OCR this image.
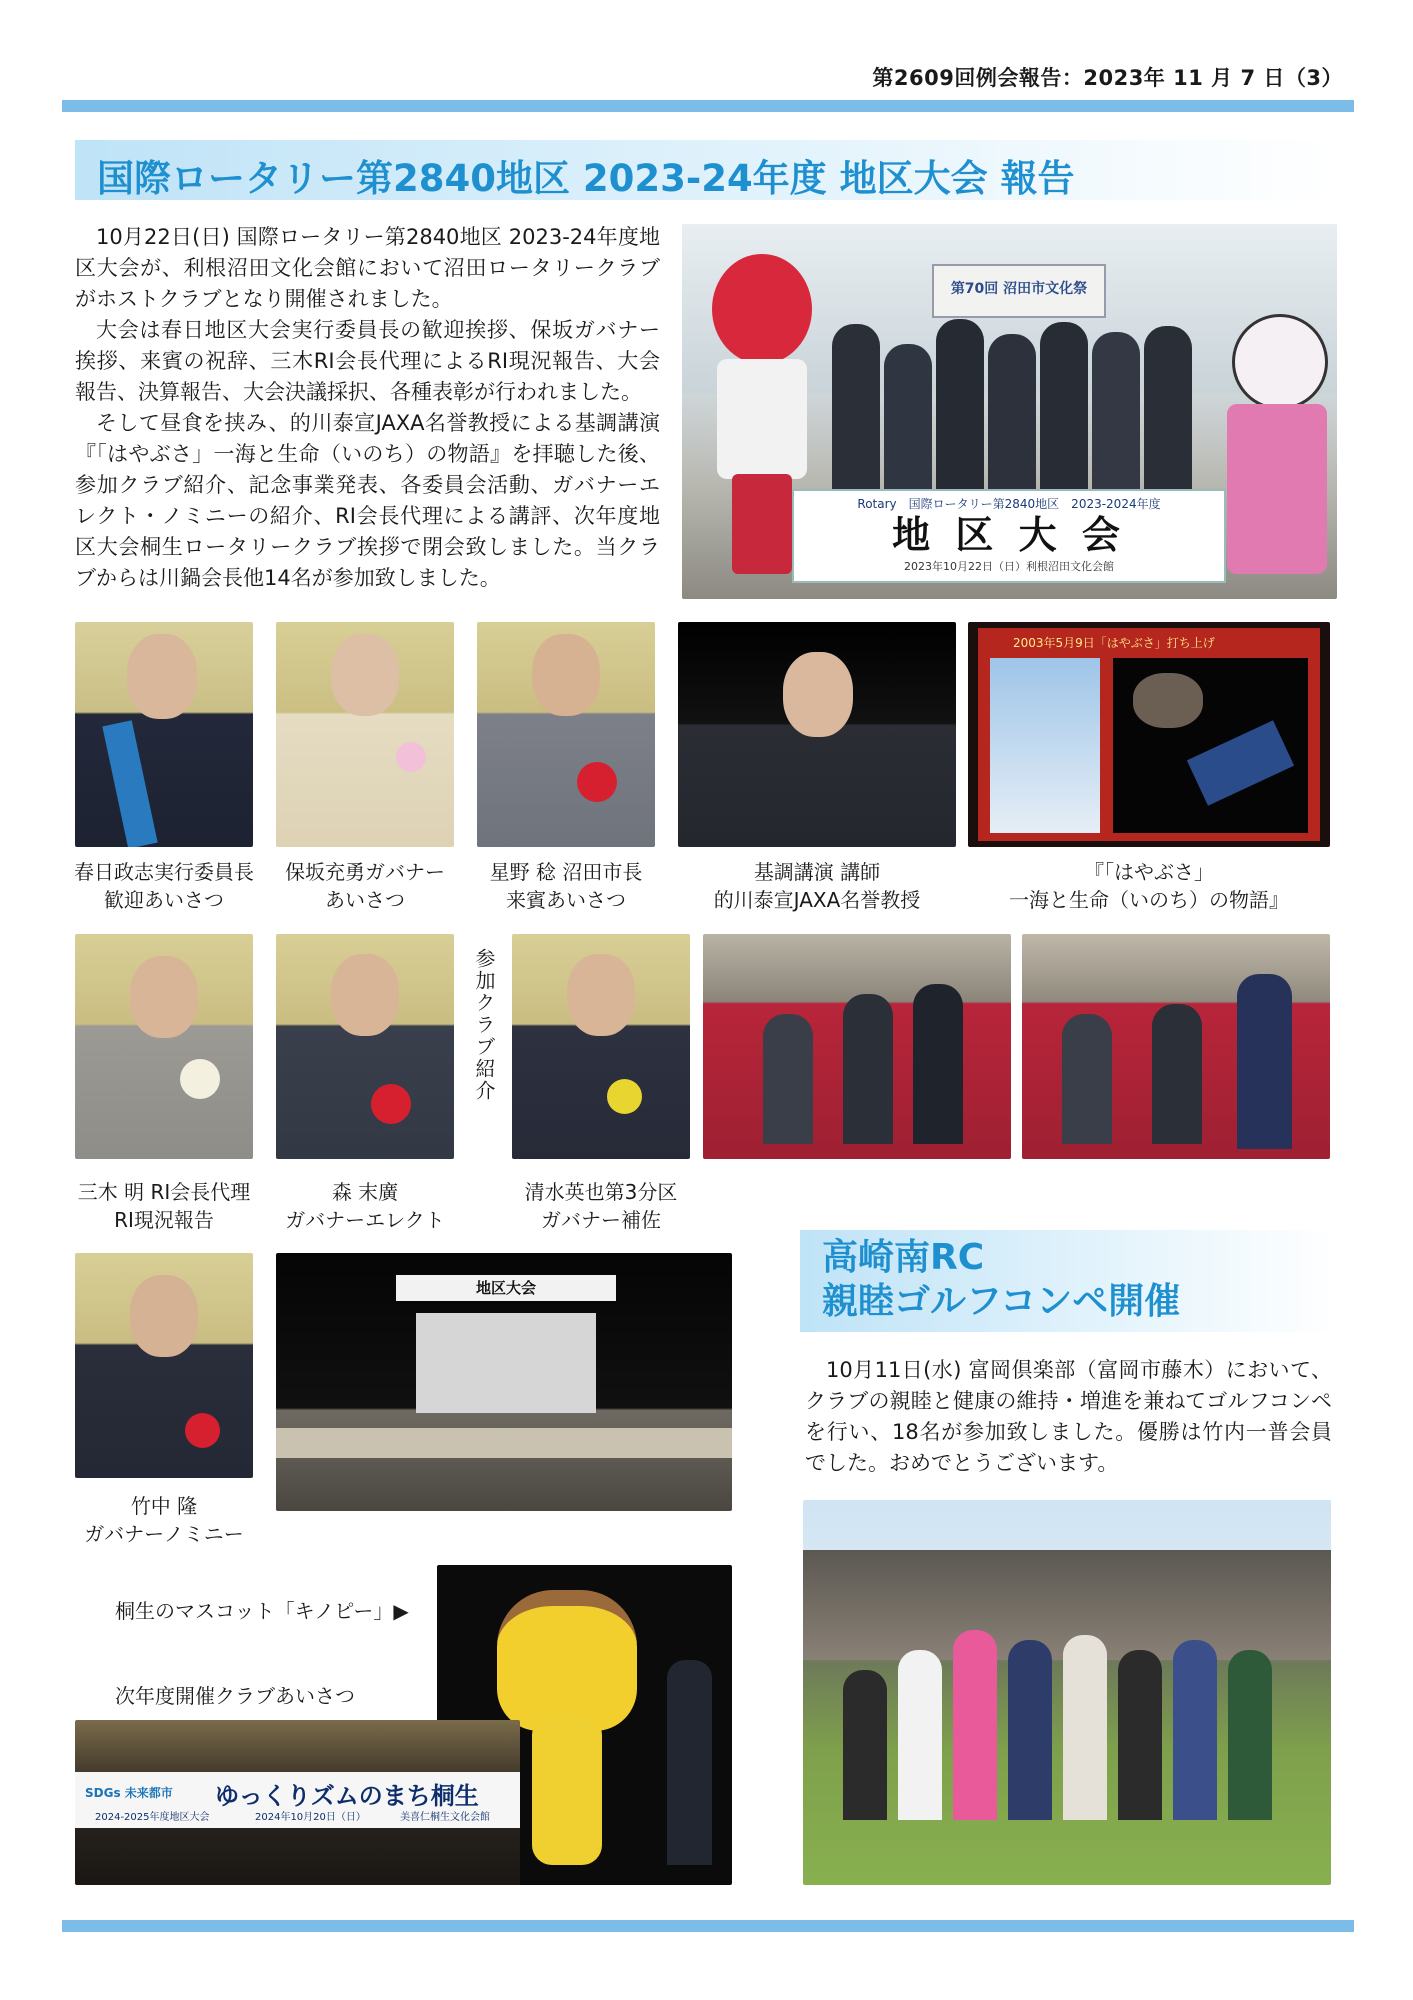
第2609回例会報告：2023年 11 月 7 日（3）
国際ロータリー第2840地区 2023-24年度 地区大会 報告

10月22日(日) 国際ロータリー第2840地区 2023-24年度地区大会が、利根沼田文化会館において沼田ロータリークラブがホストクラブとなり開催されました。

大会は春日地区大会実行委員長の歓迎挨拶、保坂ガバナー挨拶、来賓の祝辞、三木RI会長代理によるRI現況報告、大会報告、決算報告、大会決議採択、各種表彰が行われました。

そして昼食を挟み、的川泰宣JAXA名誉教授による基調講演『「はやぶさ」一海と生命（いのち）の物語』を拝聴した後、参加クラブ紹介、記念事業発表、各委員会活動、ガバナーエレクト・ノミニーの紹介、RI会長代理による講評、次年度地区大会桐生ロータリークラブ挨拶で閉会致しました。当クラブからは川鍋会長他14名が参加致しました。

第70回 沼田市文化祭
Rotary　国際ロータリー第2840地区　2023-2024年度
地 区 大 会
2023年10月22日（日）利根沼田文化会館
2003年5月9日「はやぶさ」打ち上げ
春日政志実行委員長
歓迎あいさつ
保坂充勇ガバナー
あいさつ
星野 稔 沼田市長
来賓あいさつ
基調講演 講師
的川泰宣JAXA名誉教授
『「はやぶさ」
一海と生命（いのち）の物語』
参加クラブ紹介
三木 明 RI会長代理
RI現況報告
森 末廣
ガバナーエレクト
清水英也第3分区
ガバナー補佐
竹中 隆
ガバナーノミニー
地区大会
桐生のマスコット「キノピー」▶
次年度開催クラブあいさつ
SDGs 未来都市 ゆっくりズムのまち桐生
2024-2025年度地区大会	2024年10月20日（日）	美喜仁桐生文化会館
高崎南RC
親睦ゴルフコンペ開催

10月11日(水) 富岡倶楽部（富岡市藤木）において、クラブの親睦と健康の維持・増進を兼ねてゴルフコンペを行い、18名が参加致しました。優勝は竹内一普会員でした。おめでとうございます。
